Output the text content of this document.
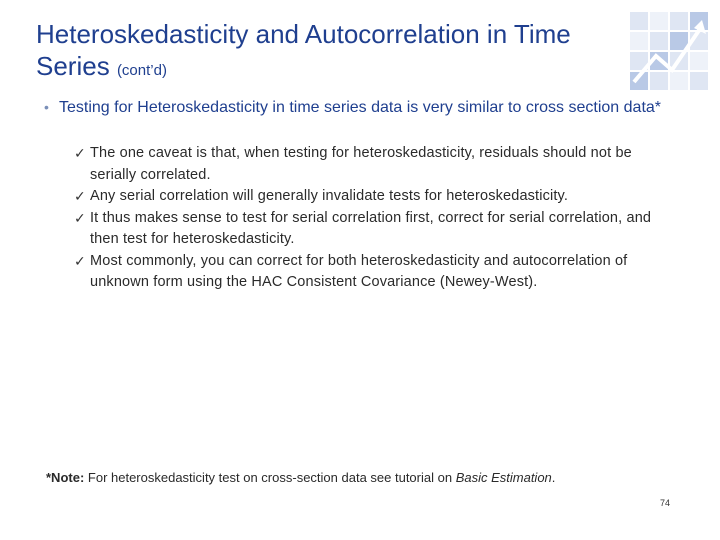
Heteroskedasticity and Autocorrelation in Time Series (cont’d)
• Testing for Heteroskedasticity in time series data is very similar to cross section data*
✓ The one caveat is that, when testing for heteroskedasticity, residuals should not be serially correlated.
✓ Any serial correlation will generally invalidate tests for heteroskedasticity.
✓ It thus makes sense to test for serial correlation first, correct for serial correlation, and then test for heteroskedasticity.
✓ Most commonly, you can correct for both heteroskedasticity and autocorrelation of unknown form using the HAC Consistent Covariance (Newey-West).
*Note: For heteroskedasticity test on cross-section data see tutorial on Basic Estimation.
74
